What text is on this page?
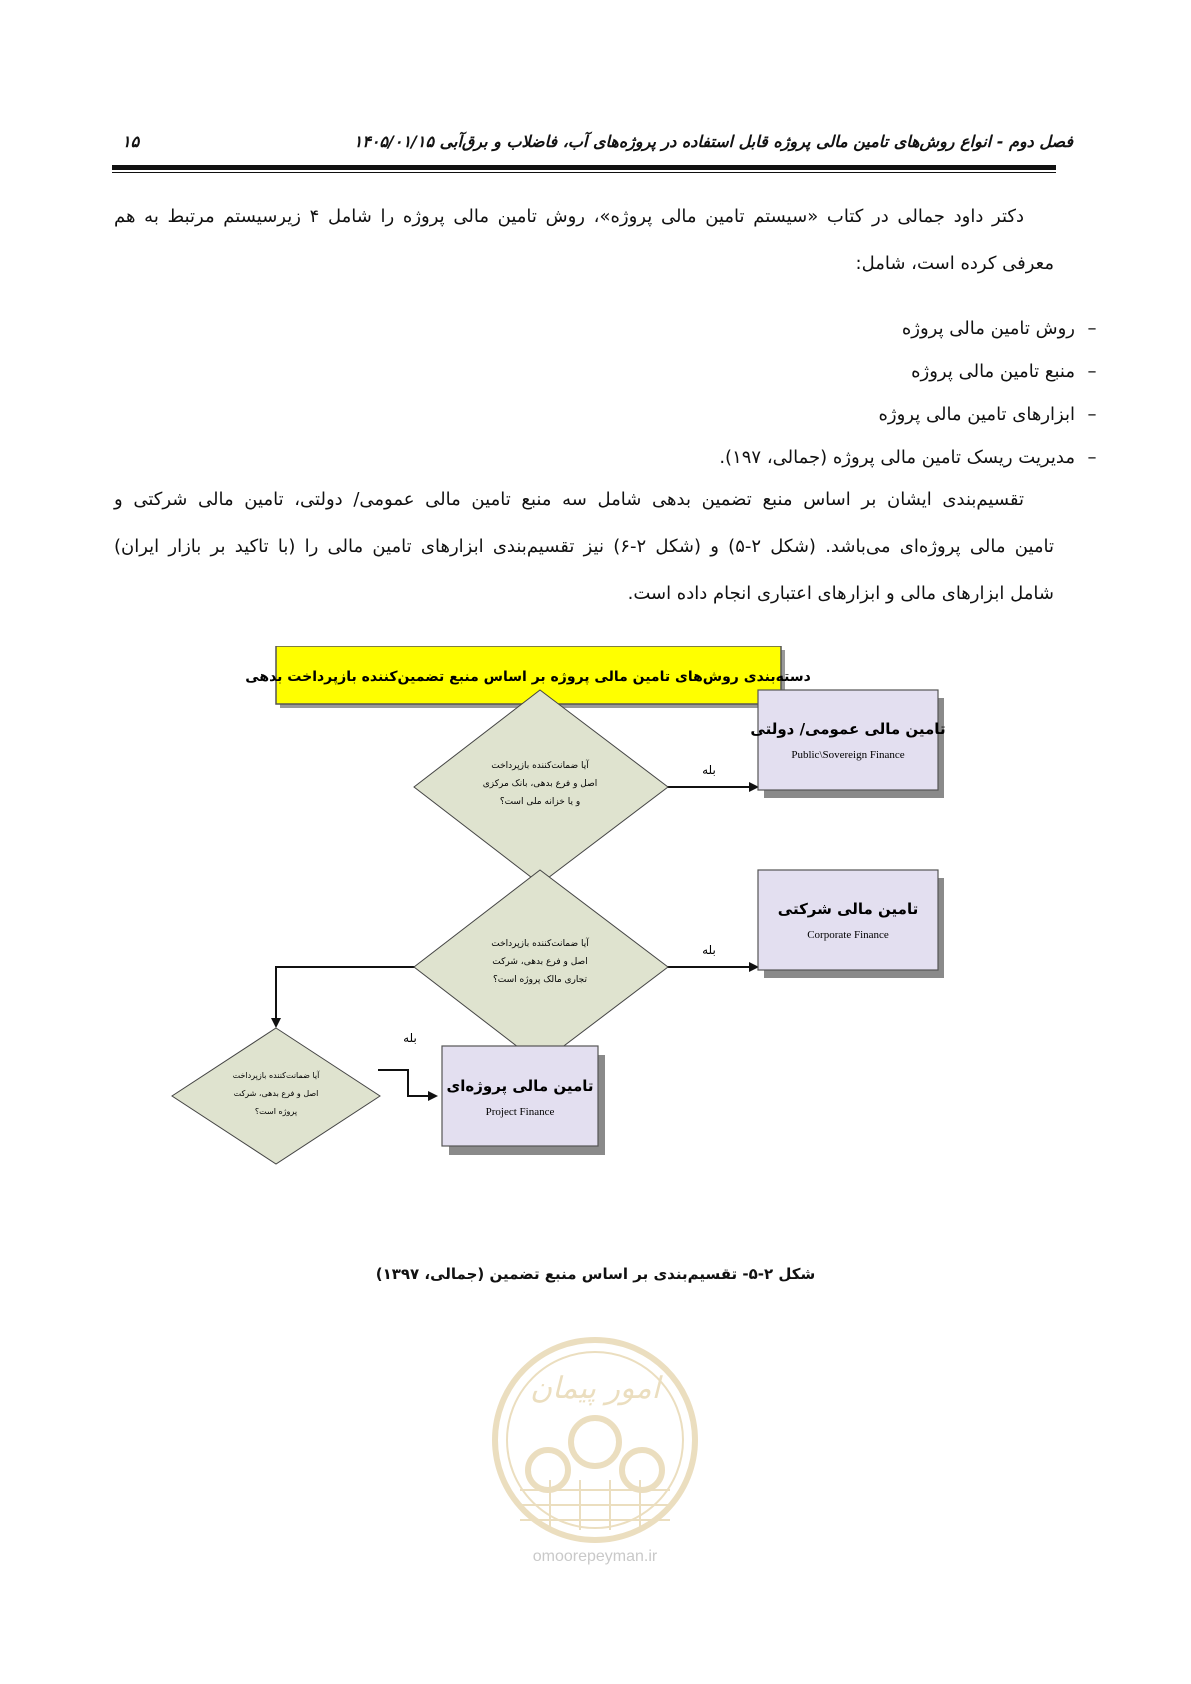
فصل دوم - انواع روش‌های تامین مالی پروژه قابل استفاده در پروژه‌های آب، فاضلاب و برق‌آبی ۱۴۰۵/۰۱/۱۵
۱۵
دکتر داود جمالی در کتاب «سیستم تامین مالی پروژه»، روش تامین مالی پروژه را شامل ۴ زیرسیستم مرتبط به هم
معرفی کرده است، شامل:
–روش تامین مالی پروژه
–منبع تامین مالی پروژه
–ابزارهای تامین مالی پروژه
–مدیریت ریسک تامین مالی پروژه (جمالی، ۱۹۷).
تقسیم‌بندی ایشان بر اساس منبع تضمین بدهی شامل سه منبع تامین مالی عمومی/ دولتی، تامین مالی شرکتی و
تامین مالی پروژه‌ای می‌باشد. (شکل ۲-۵) و (شکل ۲-۶) نیز تقسیم‌بندی ابزارهای تامین مالی را (با تاکید بر بازار ایران)
شامل ابزارهای مالی و ابزارهای اعتباری انجام داده است.
دسته‌بندی روش‌های تامین مالی پروژه بر اساس منبع تضمین‌کننده بازپرداخت بدهی
بله
بله
بله
آیا ضمانت‌کننده بازپرداخت
اصل و فرع بدهی، بانک مرکزی
و یا خزانه ملی است؟
آیا ضمانت‌کننده بازپرداخت
اصل و فرع بدهی، شرکت
تجاری مالک پروژه است؟
آیا ضمانت‌کننده بازپرداخت
اصل و فرع بدهی، شرکت
پروژه است؟
تامین مالی عمومی/ دولتی
Public\Sovereign Finance
تامین مالی شرکتی
Corporate Finance
تامین مالی پروژه‌ای
Project Finance
شکل ۲-۵- تقسیم‌بندی بر اساس منبع تضمین (جمالی، ۱۳۹۷)
امور پیمان
omoorepeyman.ir
